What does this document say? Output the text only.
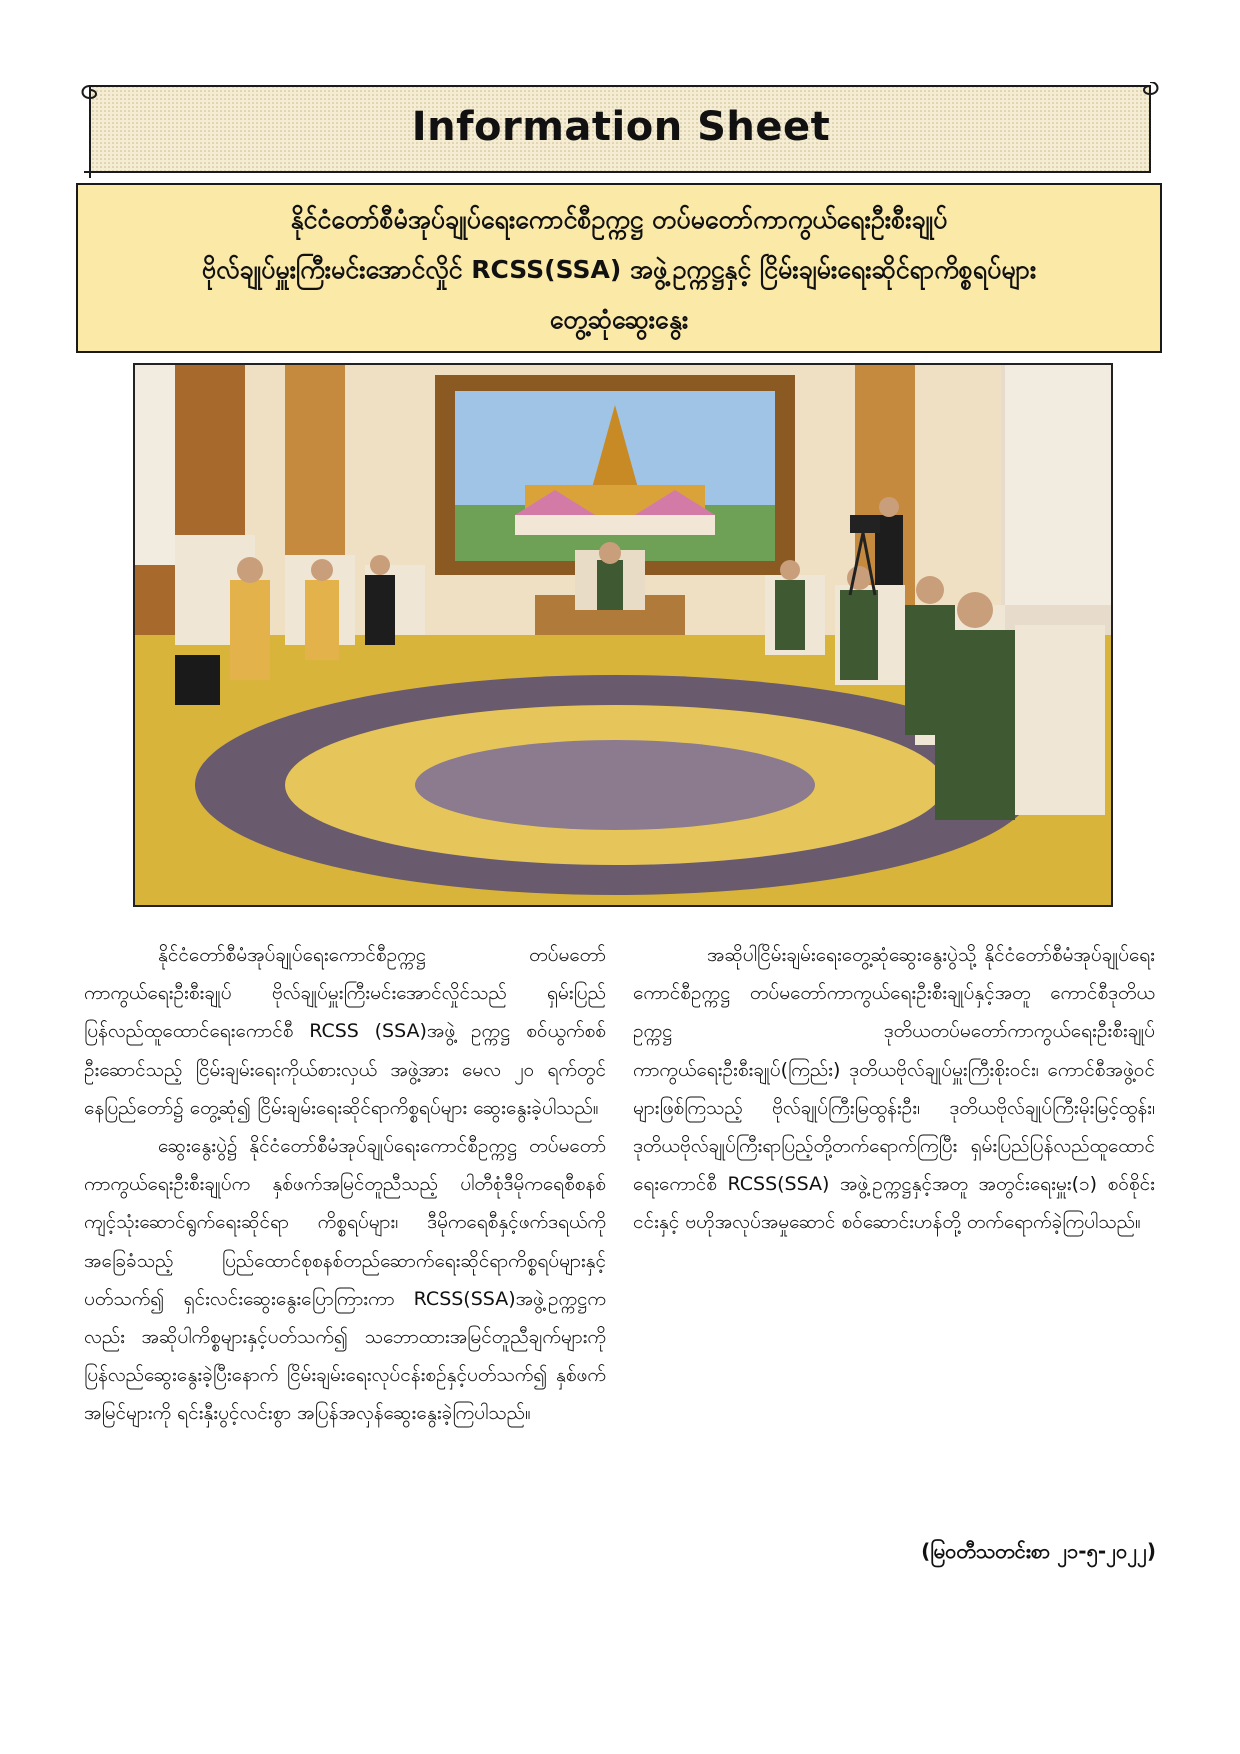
Information Sheet
နိုင်ငံတော်စီမံအုပ်ချုပ်ရေးကောင်စီဥက္ကဋ္ဌ တပ်မတော်ကာကွယ်ရေးဦးစီးချုပ်
ဗိုလ်ချုပ်မှူးကြီးမင်းအောင်လှိုင် RCSS(SSA) အဖွဲ့ဥက္ကဋ္ဌနှင့် ငြိမ်းချမ်းရေးဆိုင်ရာကိစ္စရပ်များ
တွေ့ဆုံဆွေးနွေး

နိုင်ငံတော်စီမံအုပ်ချုပ်ရေးကောင်စီဥက္ကဋ္ဌ တပ်မတော်ကာကွယ်ရေးဦးစီးချုပ် ဗိုလ်ချုပ်မှူးကြီးမင်းအောင်လှိုင်သည် ရှမ်းပြည်ပြန်လည်ထူထောင်ရေးကောင်စီ RCSS (SSA)အဖွဲ့ ဥက္ကဋ္ဌ စဝ်ယွက်စစ် ဦးဆောင်သည့် ငြိမ်းချမ်းရေးကိုယ်စားလှယ် အဖွဲ့အား မေလ ၂၀ ရက်တွင် နေပြည်တော်၌ တွေ့ဆုံ၍ ငြိမ်းချမ်းရေးဆိုင်ရာကိစ္စရပ်များ ဆွေးနွေးခဲ့ပါသည်။

ဆွေးနွေးပွဲ၌ နိုင်ငံတော်စီမံအုပ်ချုပ်ရေးကောင်စီဥက္ကဋ္ဌ တပ်မတော်ကာကွယ်ရေးဦးစီးချုပ်က နှစ်ဖက်အမြင်တူညီသည့် ပါတီစုံဒီမိုကရေစီစနစ်ကျင့်သုံးဆောင်ရွက်ရေးဆိုင်ရာ ကိစ္စရပ်များ၊ ဒီမိုကရေစီနှင့်ဖက်ဒရယ်ကို အခြေခံသည့် ပြည်ထောင်စုစနစ်တည်ဆောက်ရေးဆိုင်ရာကိစ္စရပ်များနှင့်ပတ်သက်၍ ရှင်းလင်းဆွေးနွေးပြောကြားကာ RCSS(SSA)အဖွဲ့ဥက္ကဋ္ဌကလည်း အဆိုပါကိစ္စများနှင့်ပတ်သက်၍ သဘောထားအမြင်တူညီချက်များကို ပြန်လည်ဆွေးနွေးခဲ့ပြီးနောက် ငြိမ်းချမ်းရေးလုပ်ငန်းစဉ်နှင့်ပတ်သက်၍ နှစ်ဖက်အမြင်များကို ရင်းနှီးပွင့်လင်းစွာ အပြန်အလှန်ဆွေးနွေးခဲ့ကြပါသည်။

အဆိုပါငြိမ်းချမ်းရေးတွေ့ဆုံဆွေးနွေးပွဲသို့ နိုင်ငံတော်စီမံအုပ်ချုပ်ရေးကောင်စီဥက္ကဋ္ဌ တပ်မတော်ကာကွယ်ရေးဦးစီးချုပ်နှင့်အတူ ကောင်စီဒုတိယဥက္ကဋ္ဌ ဒုတိယတပ်မတော်ကာကွယ်ရေးဦးစီးချုပ် ကာကွယ်ရေးဦးစီးချုပ်(ကြည်း) ဒုတိယဗိုလ်ချုပ်မှူးကြီးစိုးဝင်း၊ ကောင်စီအဖွဲ့ဝင်များဖြစ်ကြသည့် ဗိုလ်ချုပ်ကြီးမြထွန်းဦး၊ ဒုတိယဗိုလ်ချုပ်ကြီးမိုးမြင့်ထွန်း၊ ဒုတိယဗိုလ်ချုပ်ကြီးရာပြည့်တို့တက်ရောက်ကြပြီး ရှမ်းပြည်ပြန်လည်ထူထောင်ရေးကောင်စီ RCSS(SSA) အဖွဲ့ဥက္ကဋ္ဌနှင့်အတူ အတွင်းရေးမှူး(၁) စဝ်စိုင်းငင်းနှင့် ဗဟိုအလုပ်အမှုဆောင် စဝ်ဆောင်းဟန်တို့ တက်ရောက်ခဲ့ကြပါသည်။

(မြဝတီသတင်းစာ ၂၁-၅-၂၀၂၂)
